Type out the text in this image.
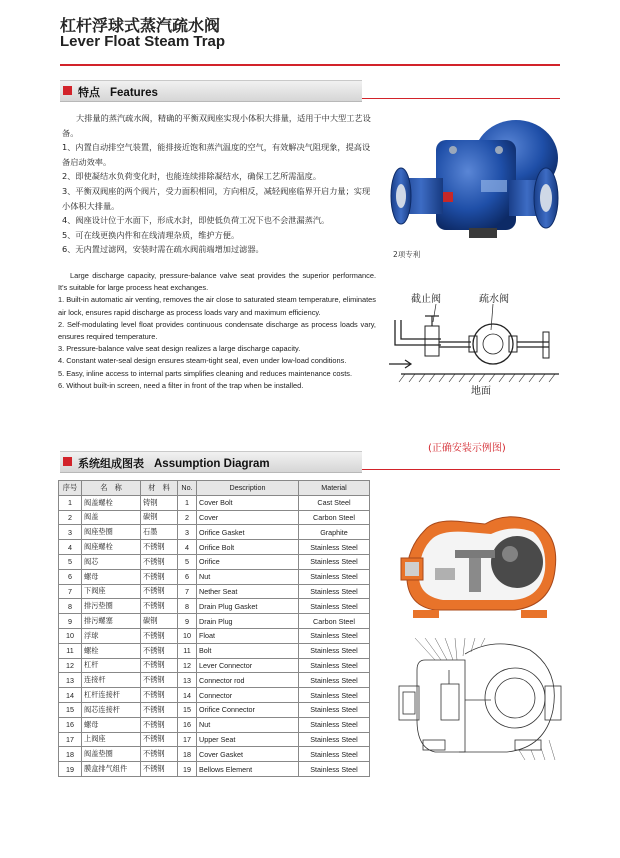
杠杆浮球式蒸汽疏水阀
Lever Float Steam Trap
特点 Features

大排量的蒸汽疏水阀，精确的平衡双阀座实现小体积大排量，适用于中大型工艺设备。

1、内置自动排空气装置，能排接近饱和蒸汽温度的空气，有效解决气阻现象，提高设备启动效率。

2、即使凝结水负荷变化时，也能连续排除凝结水，确保工艺所需温度。

3、平衡双阀座的两个阀片，受力面积相同，方向相反，减轻阀座临界开启力量；实现小体积大排量。

4、阀座设计位于水面下，形成水封，即使低负荷工况下也不会泄漏蒸汽。

5、可在线更换内件和在线清理杂质，维护方便。

6、无内置过滤网，安装时需在疏水阀前端增加过滤器。

2项专利

Large discharge capacity, pressure-balance valve seat provides the superior performance. It's suitable for large process heat exchanges.

1. Built-in automatic air venting, removes the air close to saturated steam temperature, eliminates air lock, ensures rapid discharge as process loads vary and maximum efficiency.

2. Self-modulating level float provides continuous condensate discharge as process loads vary, ensures required temperature.

3. Pressure-balance valve seat design realizes a large discharge capacity.

4. Constant water-seal design ensures steam-tight seal, even under low-load conditions.

5. Easy, inline access to internal parts simplifies cleaning and reduces maintenance costs.

6. Without built-in screen, need a filter in front of the trap when be installed.

截止阀	疏水阀
地面
(正确安装示例图)
系统组成图表 Assumption Diagram
序号	名　称	材　料	No.	Description	Material
1	阀盖螺栓	铸钢	1	Cover Bolt	Cast Steel
2	阀盖	碳钢	2	Cover	Carbon Steel
3	阀座垫圈	石墨	3	Orifice Gasket	Graphite
4	阀座螺栓	不锈钢	4	Orifice Bolt	Stainless Steel
5	阀芯	不锈钢	5	Orifice	Stainless Steel
6	螺母	不锈钢	6	Nut	Stainless Steel
7	下阀座	不锈钢	7	Nether Seat	Stainless Steel
8	排污垫圈	不锈钢	8	Drain Plug Gasket	Stainless Steel
9	排污螺塞	碳钢	9	Drain Plug	Carbon Steel
10	浮球	不锈钢	10	Float	Stainless Steel
11	螺栓	不锈钢	11	Bolt	Stainless Steel
12	杠杆	不锈钢	12	Lever Connector	Stainless Steel
13	连接杆	不锈钢	13	Connector rod	Stainless Steel
14	杠杆连接杆	不锈钢	14	Connector	Stainless Steel
15	阀芯连接杆	不锈钢	15	Orifice Connector	Stainless Steel
16	螺母	不锈钢	16	Nut	Stainless Steel
17	上阀座	不锈钢	17	Upper Seat	Stainless Steel
18	阀盖垫圈	不锈钢	18	Cover Gasket	Stainless Steel
19	膜盒排气组件	不锈钢	19	Bellows Element	Stainless Steel
